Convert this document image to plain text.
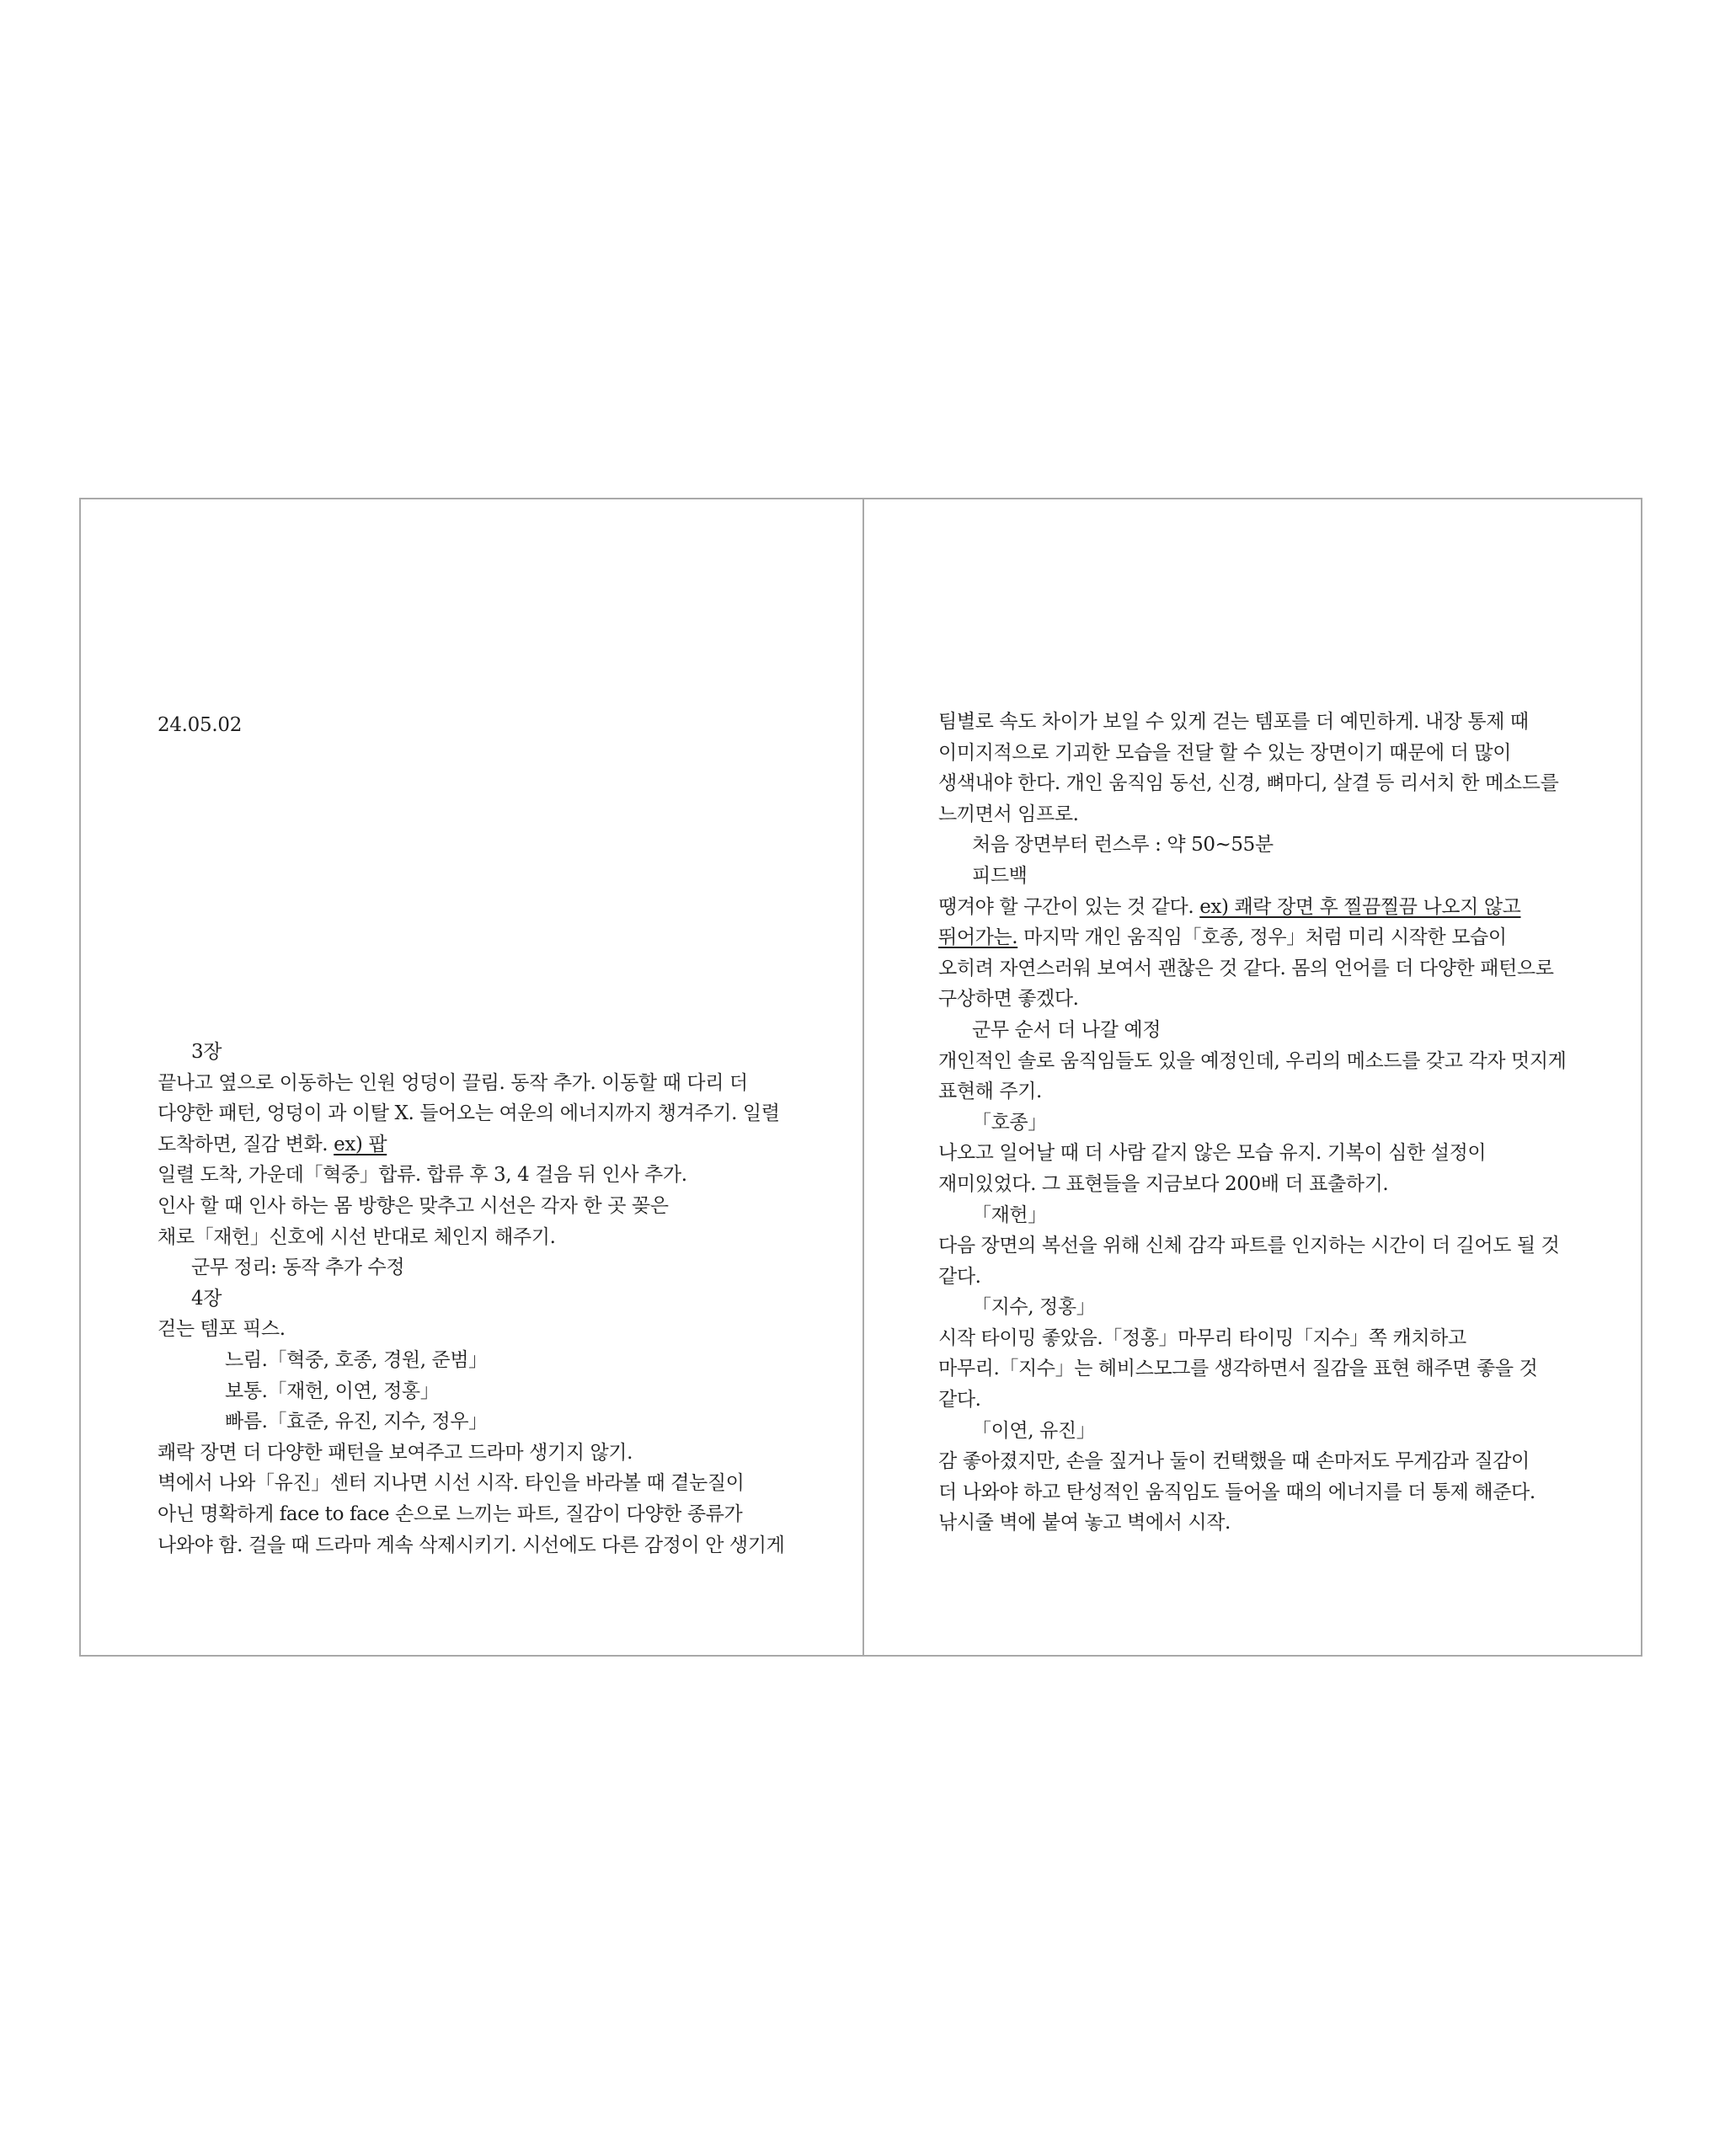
24.05.02
3장
끝나고 옆으로 이동하는 인원 엉덩이 끌림. 동작 추가. 이동할 때 다리 더
다양한 패턴, 엉덩이 과 이탈 X. 들어오는 여운의 에너지까지 챙겨주기. 일렬
도착하면, 질감 변화. ex) 팝
일렬 도착, 가운데「혁중」합류. 합류 후 3, 4 걸음 뒤 인사 추가.
인사 할 때 인사 하는 몸 방향은 맞추고 시선은 각자 한 곳 꽂은
채로「재헌」신호에 시선 반대로 체인지 해주기.
군무 정리: 동작 추가 수정
4장
걷는 템포 픽스.
느림.「혁중, 호종, 경원, 준범」
보통.「재헌, 이연, 정홍」
빠름.「효준, 유진, 지수, 정우」
쾌락 장면 더 다양한 패턴을 보여주고 드라마 생기지 않기.
벽에서 나와「유진」센터 지나면 시선 시작. 타인을 바라볼 때 곁눈질이
아닌 명확하게 face to face 손으로 느끼는 파트, 질감이 다양한 종류가
나와야 함. 걸을 때 드라마 계속 삭제시키기. 시선에도 다른 감정이 안 생기게
팀별로 속도 차이가 보일 수 있게 걷는 템포를 더 예민하게. 내장 통제 때
이미지적으로 기괴한 모습을 전달 할 수 있는 장면이기 때문에 더 많이
생색내야 한다. 개인 움직임 동선, 신경, 뼈마디, 살결 등 리서치 한 메소드를
느끼면서 임프로.
처음 장면부터 런스루 : 약 50~55분
피드백
땡겨야 할 구간이 있는 것 같다. ex) 쾌락 장면 후 찔끔찔끔 나오지 않고
뛰어가는. 마지막 개인 움직임「호종, 정우」처럼 미리 시작한 모습이
오히려 자연스러워 보여서 괜찮은 것 같다. 몸의 언어를 더 다양한 패턴으로
구상하면 좋겠다.
군무 순서 더 나갈 예정
개인적인 솔로 움직임들도 있을 예정인데, 우리의 메소드를 갖고 각자 멋지게
표현해 주기.
「호종」
나오고 일어날 때 더 사람 같지 않은 모습 유지. 기복이 심한 설정이
재미있었다. 그 표현들을 지금보다 200배 더 표출하기.
「재헌」
다음 장면의 복선을 위해 신체 감각 파트를 인지하는 시간이 더 길어도 될 것
같다.
「지수, 정홍」
시작 타이밍 좋았음.「정홍」마무리 타이밍「지수」쪽 캐치하고
마무리.「지수」는 헤비스모그를 생각하면서 질감을 표현 해주면 좋을 것
같다.
「이연, 유진」
감 좋아졌지만, 손을 짚거나 둘이 컨택했을 때 손마저도 무게감과 질감이
더 나와야 하고 탄성적인 움직임도 들어올 때의 에너지를 더 통제 해준다.
낚시줄 벽에 붙여 놓고 벽에서 시작.
